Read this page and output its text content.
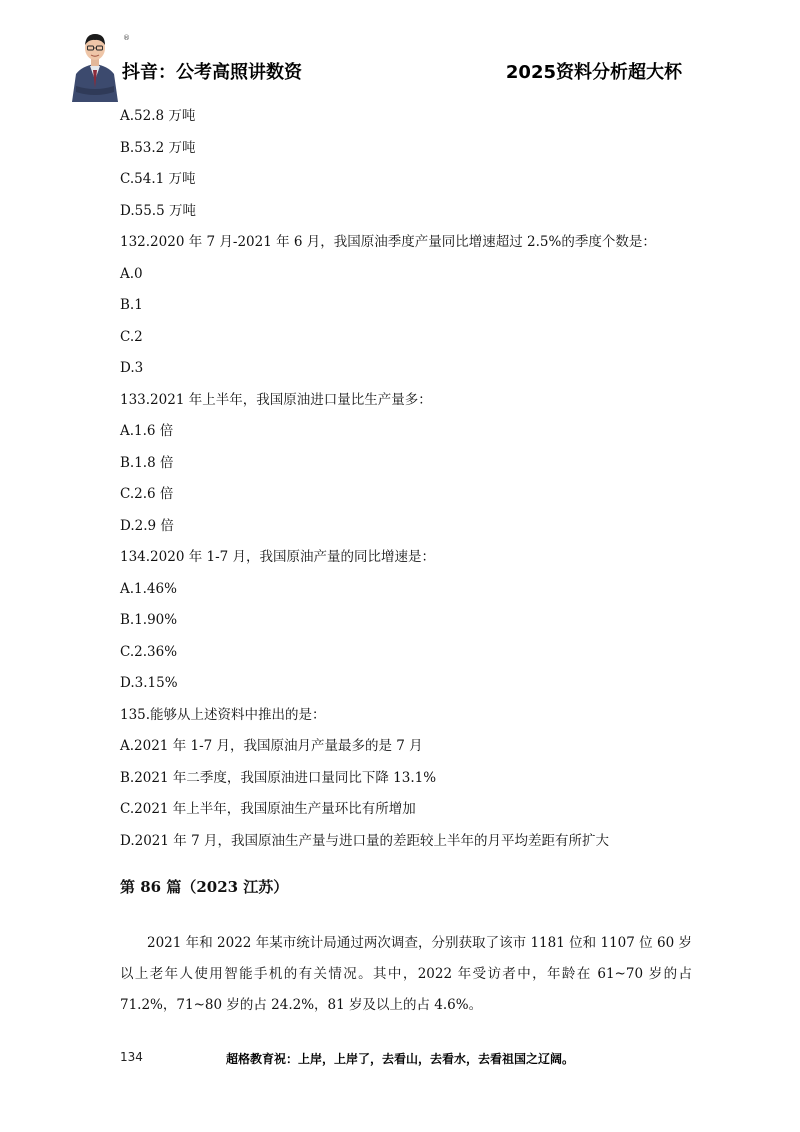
®
抖音：公考高照讲数资	2025资料分析超大杯
A.52.8 万吨
B.53.2 万吨
C.54.1 万吨
D.55.5 万吨
132.2020 年 7 月-2021 年 6 月，我国原油季度产量同比增速超过 2.5%的季度个数是：
A.0
B.1
C.2
D.3
133.2021 年上半年，我国原油进口量比生产量多：
A.1.6 倍
B.1.8 倍
C.2.6 倍
D.2.9 倍
134.2020 年 1-7 月，我国原油产量的同比增速是：
A.1.46%
B.1.90%
C.2.36%
D.3.15%
135.能够从上述资料中推出的是：
A.2021 年 1-7 月，我国原油月产量最多的是 7 月
B.2021 年二季度，我国原油进口量同比下降 13.1%
C.2021 年上半年，我国原油生产量环比有所增加
D.2021 年 7 月，我国原油生产量与进口量的差距较上半年的月平均差距有所扩大
第 86 篇（2023 江苏）

2021 年和 2022 年某市统计局通过两次调查，分别获取了该市 1181 位和 1107 位 60 岁以上老年人使用智能手机的有关情况。其中，2022 年受访者中，年龄在 61~70 岁的占 71.2%，71~80 岁的占 24.2%，81 岁及以上的占 4.6%。

134	超格教育祝：上岸，上岸了，去看山，去看水，去看祖国之辽阔。
